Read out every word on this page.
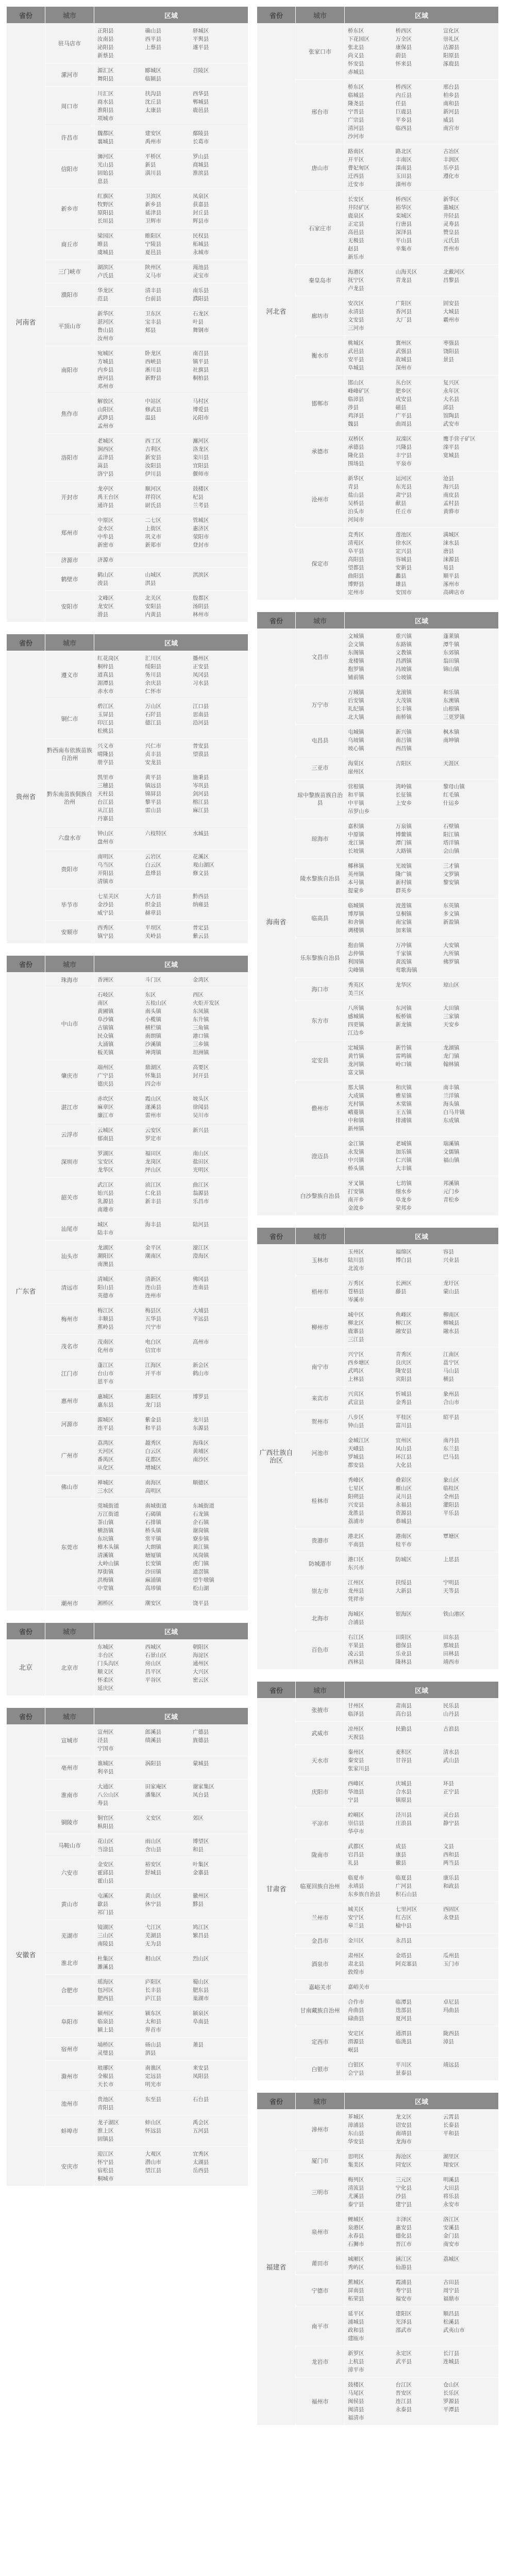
省份	城市	区域
河南省	驻马店市	正阳县 确山县 驿城区汝南县 西平县 平舆县泌阳县 上蔡县 遂平县新蔡县
	漯河市	源汇区 郾城区 召陵区舞阳县 临颍县
	周口市	川汇区 扶沟县 西华县商水县 沈丘县 郸城县淮阳县 太康县 鹿邑县项城市
	许昌市	魏都区 建安区 鄢陵县襄城县 禹州市 长葛市
	信阳市	浉河区 平桥区 罗山县光山县 新县 商城县固始县 潢川县 淮滨县息县
	新乡市	红旗区 卫滨区 凤泉区牧野区 新乡县 获嘉县原阳县 延津县 封丘县长垣县 卫辉市 辉县市
	商丘市	梁园区 睢阳区 民权县睢县 宁陵县 柘城县虞城县 夏邑县 永城市
	三门峡市	湖滨区 陕州区 渑池县卢氏县 义马市 灵宝市
	濮阳市	华龙区 清丰县 南乐县范县 台前县 濮阳县
	平顶山市	新华区 卫东区 石龙区湛河区 宝丰县 叶县鲁山县 郏县 舞钢市汝州市
	南阳市	宛城区 卧龙区 南召县方城县 西峡县 镇平县内乡县 淅川县 社旗县唐河县 新野县 桐柏县邓州市
	焦作市	解放区 中站区 马村区山阳区 修武县 博爱县武陟县 温县 沁阳市孟州市
	洛阳市	老城区 西工区 瀍河区涧西区 吉利区 洛龙区孟津县 新安县 栾川县嵩县 汝阳县 宜阳县洛宁县 伊川县 偃师市
	开封市	龙亭区 顺河区 鼓楼区禹王台区 祥符区 杞县通许县 尉氏县 兰考县
	郑州市	中原区 二七区 管城区金水区 上街区 惠济区中牟县 巩义市 荥阳市新密市 新郑市 登封市
	济源市	济源市
	鹤壁市	鹤山区 山城区 淇滨区浚县 淇县
	安阳市	文峰区 北关区 殷都区龙安区 安阳县 汤阴县滑县 内黄县 林州市
省份	城市	区域
贵州省	遵义市	红花岗区 汇川区 播州区桐梓县 绥阳县 正安县道真县 务川县 凤冈县湄潭县 余庆县 习水县赤水市 仁怀市
	铜仁市	碧江区 万山区 江口县玉屏县 石阡县 思南县印江县 德江县 沿河县松桃县
	黔西南布依族苗族自治州	兴义市 兴仁市 普安县晴隆县 贞丰县 望谟县册亨县 安龙县
	黔东南苗族侗族自治州	凯里市 黄平县 施秉县三穗县 镇远县 岑巩县天柱县 锦屏县 剑河县台江县 黎平县 榕江县从江县 雷山县 麻江县丹寨县
	六盘水市	钟山区 六枝特区 水城县盘州市
	贵阳市	南明区 云岩区 花溪区乌当区 白云区 观山湖区开阳县 息烽县 修文县清镇市
	毕节市	七星关区 大方县 黔西县金沙县 织金县 纳雍县威宁县 赫章县
	安顺市	西秀区 平坝区 普定县镇宁县 关岭县 紫云县
省份	城市	区域
广东省	珠海市	香洲区 斗门区 金湾区
	中山市	石岐区 东区 西区南区 五桂山区 火炬开发区黄圃镇 南头镇 东凤镇阜沙镇 小榄镇 东升镇古镇镇 横栏镇 三角镇民众镇 南朗镇 港口镇大涌镇 沙溪镇 三乡镇板芙镇 神湾镇 坦洲镇
	肇庆市	端州区 鼎湖区 高要区广宁县 怀集县 封开县德庆县 四会市
	湛江市	赤坎区 霞山区 坡头区麻章区 遂溪县 徐闻县廉江市 雷州市 吴川市
	云浮市	云城区 云安区 新兴县郁南县 罗定市
	深圳市	罗湖区 福田区 南山区宝安区 龙岗区 盐田区龙华区 坪山区 光明区
	韶关市	武江区 浈江区 曲江区始兴县 仁化县 翁源县乳源县 新丰县 乐昌市南雄市
	汕尾市	城区 海丰县 陆河县陆丰市
	汕头市	龙湖区 金平区 濠江区潮阳区 潮南区 澄海区南澳县
	清远市	清城区 清新区 佛冈县阳山县 连山县 连南县英德市 连州市
	梅州市	梅江区 梅县区 大埔县丰顺县 五华县 平远县蕉岭县 兴宁市
	茂名市	茂南区 电白区 高州市化州市 信宜市
	江门市	蓬江区 江海区 新会区台山市 开平市 鹤山市恩平市
	惠州市	惠城区 惠阳区 博罗县惠东县 龙门县
	河源市	源城区 紫金县 龙川县连平县 和平县 东源县
	广州市	荔湾区 越秀区 海珠区天河区 白云区 黄埔区番禺区 花都区 南沙区从化区 增城区
	佛山市	禅城区 南海区 顺德区三水区 高明区
	东莞市	莞城街道 南城街道 东城街道万江街道 石碣镇 石龙镇茶山镇 石排镇 企石镇横沥镇 桥头镇 谢岗镇东坑镇 常平镇 寮步镇樟木头镇 大朗镇 黄江镇清溪镇 塘厦镇 凤岗镇大岭山镇 长安镇 虎门镇厚街镇 沙田镇 道滘镇洪梅镇 麻涌镇 望牛墩镇中堂镇 高埗镇 松山湖
	潮州市	湘桥区 潮安区 饶平县
省份	城市	区域
北京	北京市	东城区 西城区 朝阳区丰台区 石景山区 海淀区门头沟区 房山区 通州区顺义区 昌平区 大兴区怀柔区 平谷区 密云区延庆区
省份	城市	区域
安徽省	宣城市	宣州区 郎溪县 广德县泾县 绩溪县 旌德县宁国市
	亳州市	谯城区 涡阳县 蒙城县利辛县
	淮南市	大通区 田家庵区 谢家集区八公山区 潘集区 凤台县寿县
	铜陵市	铜官区 义安区 郊区枞阳县
	马鞍山市	花山区 雨山区 博望区当涂县 含山县 和县
	六安市	金安区 裕安区 叶集区霍邱县 舒城县 金寨县霍山县
	黄山市	屯溪区 黄山区 徽州区歙县 休宁县 黟县祁门县
	芜湖市	镜湖区 弋江区 鸠江区三山区 芜湖县 繁昌县南陵县 无为县
	淮北市	杜集区 相山区 烈山区濉溪县
	合肥市	瑶海区 庐阳区 蜀山区包河区 长丰县 肥东县肥西县 庐江县 巢湖市
	阜阳市	颍州区 颍东区 颍泉区临泉县 太和县 阜南县颍上县 界首市
	宿州市	埇桥区 砀山县 萧县灵璧县 泗县
	滁州市	琅琊区 南谯区 来安县全椒县 定远县 凤阳县天长市 明光市
	池州市	贵池区 东至县 石台县青阳县
	蚌埠市	龙子湖区 蚌山区 禹会区淮上区 怀远县 五河县固镇县
	安庆市	迎江区 大观区 宜秀区怀宁县 潜山市 太湖县宿松县 望江县 岳西县桐城市
省份	城市	区域
河北省	张家口市	桥东区 桥西区 宣化区下花园区 万全区 崇礼区张北县 康保县 沽源县尚义县 蔚县 阳原县怀安县 怀来县 涿鹿县赤城县
	邢台市	桥东区 桥西区 邢台县临城县 内丘县 柏乡县隆尧县 任县 南和县宁晋县 巨鹿县 新河县广宗县 平乡县 威县清河县 临西县 南宫市沙河市
	唐山市	路南区 路北区 古冶区开平区 丰南区 丰润区曹妃甸区 滦南县 乐亭县迁西县 玉田县 遵化市迁安市 滦州市
	石家庄市	长安区 桥西区 新华区井陉矿区 裕华区 藁城区鹿泉区 栾城区 井陉县正定县 行唐县 灵寿县高邑县 深泽县 赞皇县无极县 平山县 元氏县赵县 辛集市 晋州市新乐市
	秦皇岛市	海港区 山海关区 北戴河区抚宁区 青龙县 昌黎县卢龙县
	廊坊市	安次区 广阳区 固安县永清县 香河县 大城县文安县 大厂县 霸州市三河市
	衡水市	桃城区 冀州区 枣强县武邑县 武强县 饶阳县安平县 故城县 景县阜城县 深州市
	邯郸市	邯山区 丛台区 复兴区峰峰矿区 肥乡区 永年区临漳县 成安县 大名县涉县 磁县 邱县鸡泽县 广平县 馆陶县魏县 曲周县 武安市
	承德市	双桥区 双滦区 鹰手营子矿区承德县 兴隆县 滦平县隆化县 丰宁县 宽城县围场县 平泉市
	沧州市	新华区 运河区 沧县青县 东光县 海兴县盐山县 肃宁县 南皮县吴桥县 献县 孟村县泊头市 任丘市 黄骅市河间市
	保定市	竞秀区 莲池区 满城区清苑区 徐水区 涞水县阜平县 定兴县 唐县高阳县 容城县 涞源县望都县 安新县 易县曲阳县 蠡县 顺平县博野县 雄县 涿州市定州市 安国市 高碑店市
省份	城市	区域
海南省	文昌市	文城镇 重兴镇 蓬莱镇会文镇 东路镇 潭牛镇东阁镇 文教镇 东郊镇龙楼镇 昌洒镇 翁田镇抱罗镇 冯坡镇 锦山镇铺前镇 公坡镇
	万宁市	万城镇 龙滚镇 和乐镇后安镇 大茂镇 东澳镇礼纪镇 长丰镇 山根镇北大镇 南桥镇 三更罗镇
	屯昌县	屯城镇 新兴镇 枫木镇乌坡镇 南吕镇 南坤镇坡心镇 西昌镇
	三亚市	海棠区 吉阳区 天涯区崖州区
	琼中黎族苗族自治县	营根镇 湾岭镇 黎母山镇和平镇 长征镇 红毛镇中平镇 上安乡 什运乡吊罗山乡
	琼海市	嘉积镇 万泉镇 石壁镇中原镇 博鳌镇 阳江镇龙江镇 潭门镇 塔洋镇长坡镇 大路镇 会山镇
	陵水黎族自治县	椰林镇 光坡镇 三才镇英州镇 隆广镇 文罗镇本号镇 新村镇 黎安镇提蒙乡 群英乡
	临高县	临城镇 波莲镇 东英镇博厚镇 皇桐镇 多文镇和舍镇 南宝镇 新盈镇调楼镇 加来镇
	乐东黎族自治县	抱由镇 万冲镇 大安镇志仲镇 千家镇 九所镇利国镇 黄流镇 佛罗镇尖峰镇 莺歌海镇
	海口市	秀英区 龙华区 琼山区美兰区
	东方市	八所镇 东河镇 大田镇感城镇 板桥镇 三家镇四更镇 新龙镇 天安乡江边乡
	定安县	定城镇 新竹镇 龙湖镇黄竹镇 雷鸣镇 龙门镇龙河镇 岭口镇 翰林镇富文镇
	儋州市	那大镇 和庆镇 南丰镇大成镇 雅星镇 兰洋镇光村镇 木棠镇 海头镇峨蔓镇 王五镇 白马井镇中和镇 排浦镇 东成镇新州镇
	澄迈县	金江镇 老城镇 瑞溪镇永发镇 加乐镇 文儒镇中兴镇 仁兴镇 福山镇桥头镇 大丰镇
	白沙黎族自治县	牙叉镇 七坊镇 邦溪镇打安镇 细水乡 元门乡南开乡 阜龙乡 青松乡金波乡 荣邦乡
省份	城市	区域
广西壮族自治区	玉林市	玉州区 福绵区 容县陆川县 博白县 兴业县北流市
	梧州市	万秀区 长洲区 龙圩区苍梧县 藤县 蒙山县岑溪市
	柳州市	城中区 鱼峰区 柳南区柳北区 柳江区 柳城县鹿寨县 融安县 融水县三江县
	南宁市	兴宁区 青秀区 江南区西乡塘区 良庆区 邕宁区武鸣区 隆安县 马山县上林县 宾阳县 横县
	来宾市	兴宾区 忻城县 象州县武宣县 金秀县 合山市
	贺州市	八步区 平桂区 昭平县钟山县 富川县
	河池市	金城江区 宜州区 南丹县天峨县 凤山县 东兰县罗城县 环江县 巴马县都安县 大化县
	桂林市	秀峰区 叠彩区 象山区七星区 雁山区 临桂区阳朔县 灵川县 全州县兴安县 永福县 灌阳县龙胜县 资源县 平乐县荔浦市 恭城县
	贵港市	港北区 港南区 覃塘区平南县 桂平市
	防城港市	港口区 防城区 上思县东兴市
	崇左市	江州区 扶绥县 宁明县龙州县 大新县 天等县凭祥市
	北海市	海城区 银海区 铁山港区合浦县
	百色市	右江区 田阳区 田东县平果县 德保县 那坡县凌云县 乐业县 田林县西林县 隆林县 靖西市
省份	城市	区域
甘肃省	张掖市	甘州区 肃南县 民乐县临泽县 高台县 山丹县
	武威市	凉州区 民勤县 古浪县天祝县
	天水市	秦州区 麦积区 清水县秦安县 甘谷县 武山县张家川县
	庆阳市	西峰区 庆城县 环县华池县 合水县 正宁县宁县 镇原县
	平凉市	崆峒区 泾川县 灵台县崇信县 庄浪县 静宁县华亭市
	陇南市	武都区 成县 文县宕昌县 康县 西和县礼县 徽县 两当县
	临夏回族自治州	临夏市 临夏县 康乐县永靖县 广河县 和政县东乡族自治县 积石山县
	兰州市	城关区 七里河区 西固区安宁区 红古区 永登县皋兰县 榆中县
	金昌市	金川区 永昌县
	酒泉市	肃州区 金塔县 瓜州县肃北县 阿克塞县 玉门市敦煌市
	嘉峪关市	嘉峪关市
	甘南藏族自治州	合作市 临潭县 卓尼县舟曲县 迭部县 玛曲县碌曲县 夏河县
	定西市	安定区 通渭县 陇西县渭源县 临洮县 漳县岷县
	白银市	白银区 平川区 靖远县会宁县 景泰县
省份	城市	区域
福建省	漳州市	芗城区 龙文区 云霄县漳浦县 诏安县 长泰县东山县 南靖县 平和县华安县 龙海市
	厦门市	思明区 海沧区 湖里区集美区 同安区 翔安区
	三明市	梅列区 三元区 明溪县清流县 宁化县 大田县尤溪县 沙县 将乐县泰宁县 建宁县 永安市
	泉州市	鲤城区 丰泽区 洛江区泉港区 惠安县 安溪县永春县 德化县 金门县石狮市 晋江市 南安市
	莆田市	城厢区 涵江区 荔城区秀屿区 仙游县
	宁德市	蕉城区 霞浦县 古田县屏南县 寿宁县 周宁县柘荣县 福安市 福鼎市
	南平市	延平区 建阳区 顺昌县浦城县 光泽县 松溪县政和县 邵武市 武夷山市建瓯市
	龙岩市	新罗区 永定区 长汀县上杭县 武平县 连城县漳平市
	福州市	鼓楼区 台江区 仓山区马尾区 晋安区 长乐区闽侯县 连江县 罗源县闽清县 永泰县 平潭县福清市
